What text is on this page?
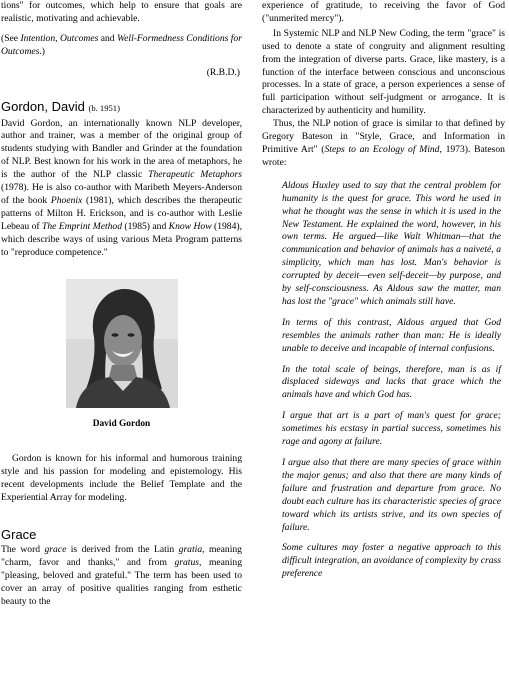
tions" for outcomes, which help to ensure that goals are realistic, motivating and achievable.

(See Intention, Outcomes and Well-Formedness Conditions for Outcomes.)

(R.B.D.)

Gordon, David (b. 1951)

David Gordon, an internationally known NLP developer, author and trainer, was a member of the original group of students studying with Bandler and Grinder at the foundation of NLP. Best known for his work in the area of metaphors, he is the author of the NLP classic Therapeutic Metaphors (1978). He is also co-author with Maribeth Meyers-Anderson of the book Phoenix (1981), which describes the therapeutic patterns of Milton H. Erickson, and is co-author with Leslie Lebeau of The Emprint Method (1985) and Know How (1984), which describe ways of using various Meta Program patterns to "reproduce competence."

David Gordon

Gordon is known for his informal and humorous training style and his passion for modeling and epistemology. His recent developments include the Belief Template and the Experiential Array for modeling.

Grace

The word grace is derived from the Latin gratia, meaning "charm, favor and thanks," and from gratus, meaning "pleasing, beloved and grateful." The term has been used to cover an array of positive qualities ranging from esthetic beauty to the

experience of gratitude, to receiving the favor of God ("unmerited mercy").

In Systemic NLP and NLP New Coding, the term "grace" is used to denote a state of congruity and alignment resulting from the integration of diverse parts. Grace, like mastery, is a function of the interface between conscious and unconscious processes. In a state of grace, a person experiences a sense of full participation without self-judgment or arrogance. It is characterized by authenticity and humility.

Thus, the NLP notion of grace is similar to that defined by Gregory Bateson in "Style, Grace, and Information in Primitive Art" (Steps to an Ecology of Mind, 1973). Bateson wrote:

Aldous Huxley used to say that the central problem for humanity is the quest for grace. This word he used in what he thought was the sense in which it is used in the New Testament. He explained the word, however, in his own terms. He argued—like Walt Whitman—that the communication and behavior of animals has a naiveté, a simplicity, which man has lost. Man's behavior is corrupted by deceit—even self-deceit—by purpose, and by self-consciousness. As Aldous saw the matter, man has lost the "grace" which animals still have.

In terms of this contrast, Aldous argued that God resembles the animals rather than man: He is ideally unable to deceive and incapable of internal confusions.

In the total scale of beings, therefore, man is as if displaced sideways and lacks that grace which the animals have and which God has.

I argue that art is a part of man's quest for grace; sometimes his ecstasy in partial success, sometimes his rage and agony at failure.

I argue also that there are many species of grace within the major genus; and also that there are many kinds of failure and frustration and departure from grace. No doubt each culture has its characteristic species of grace toward which its artists strive, and its own species of failure.

Some cultures may foster a negative approach to this difficult integration, an avoidance of complexity by crass preference
